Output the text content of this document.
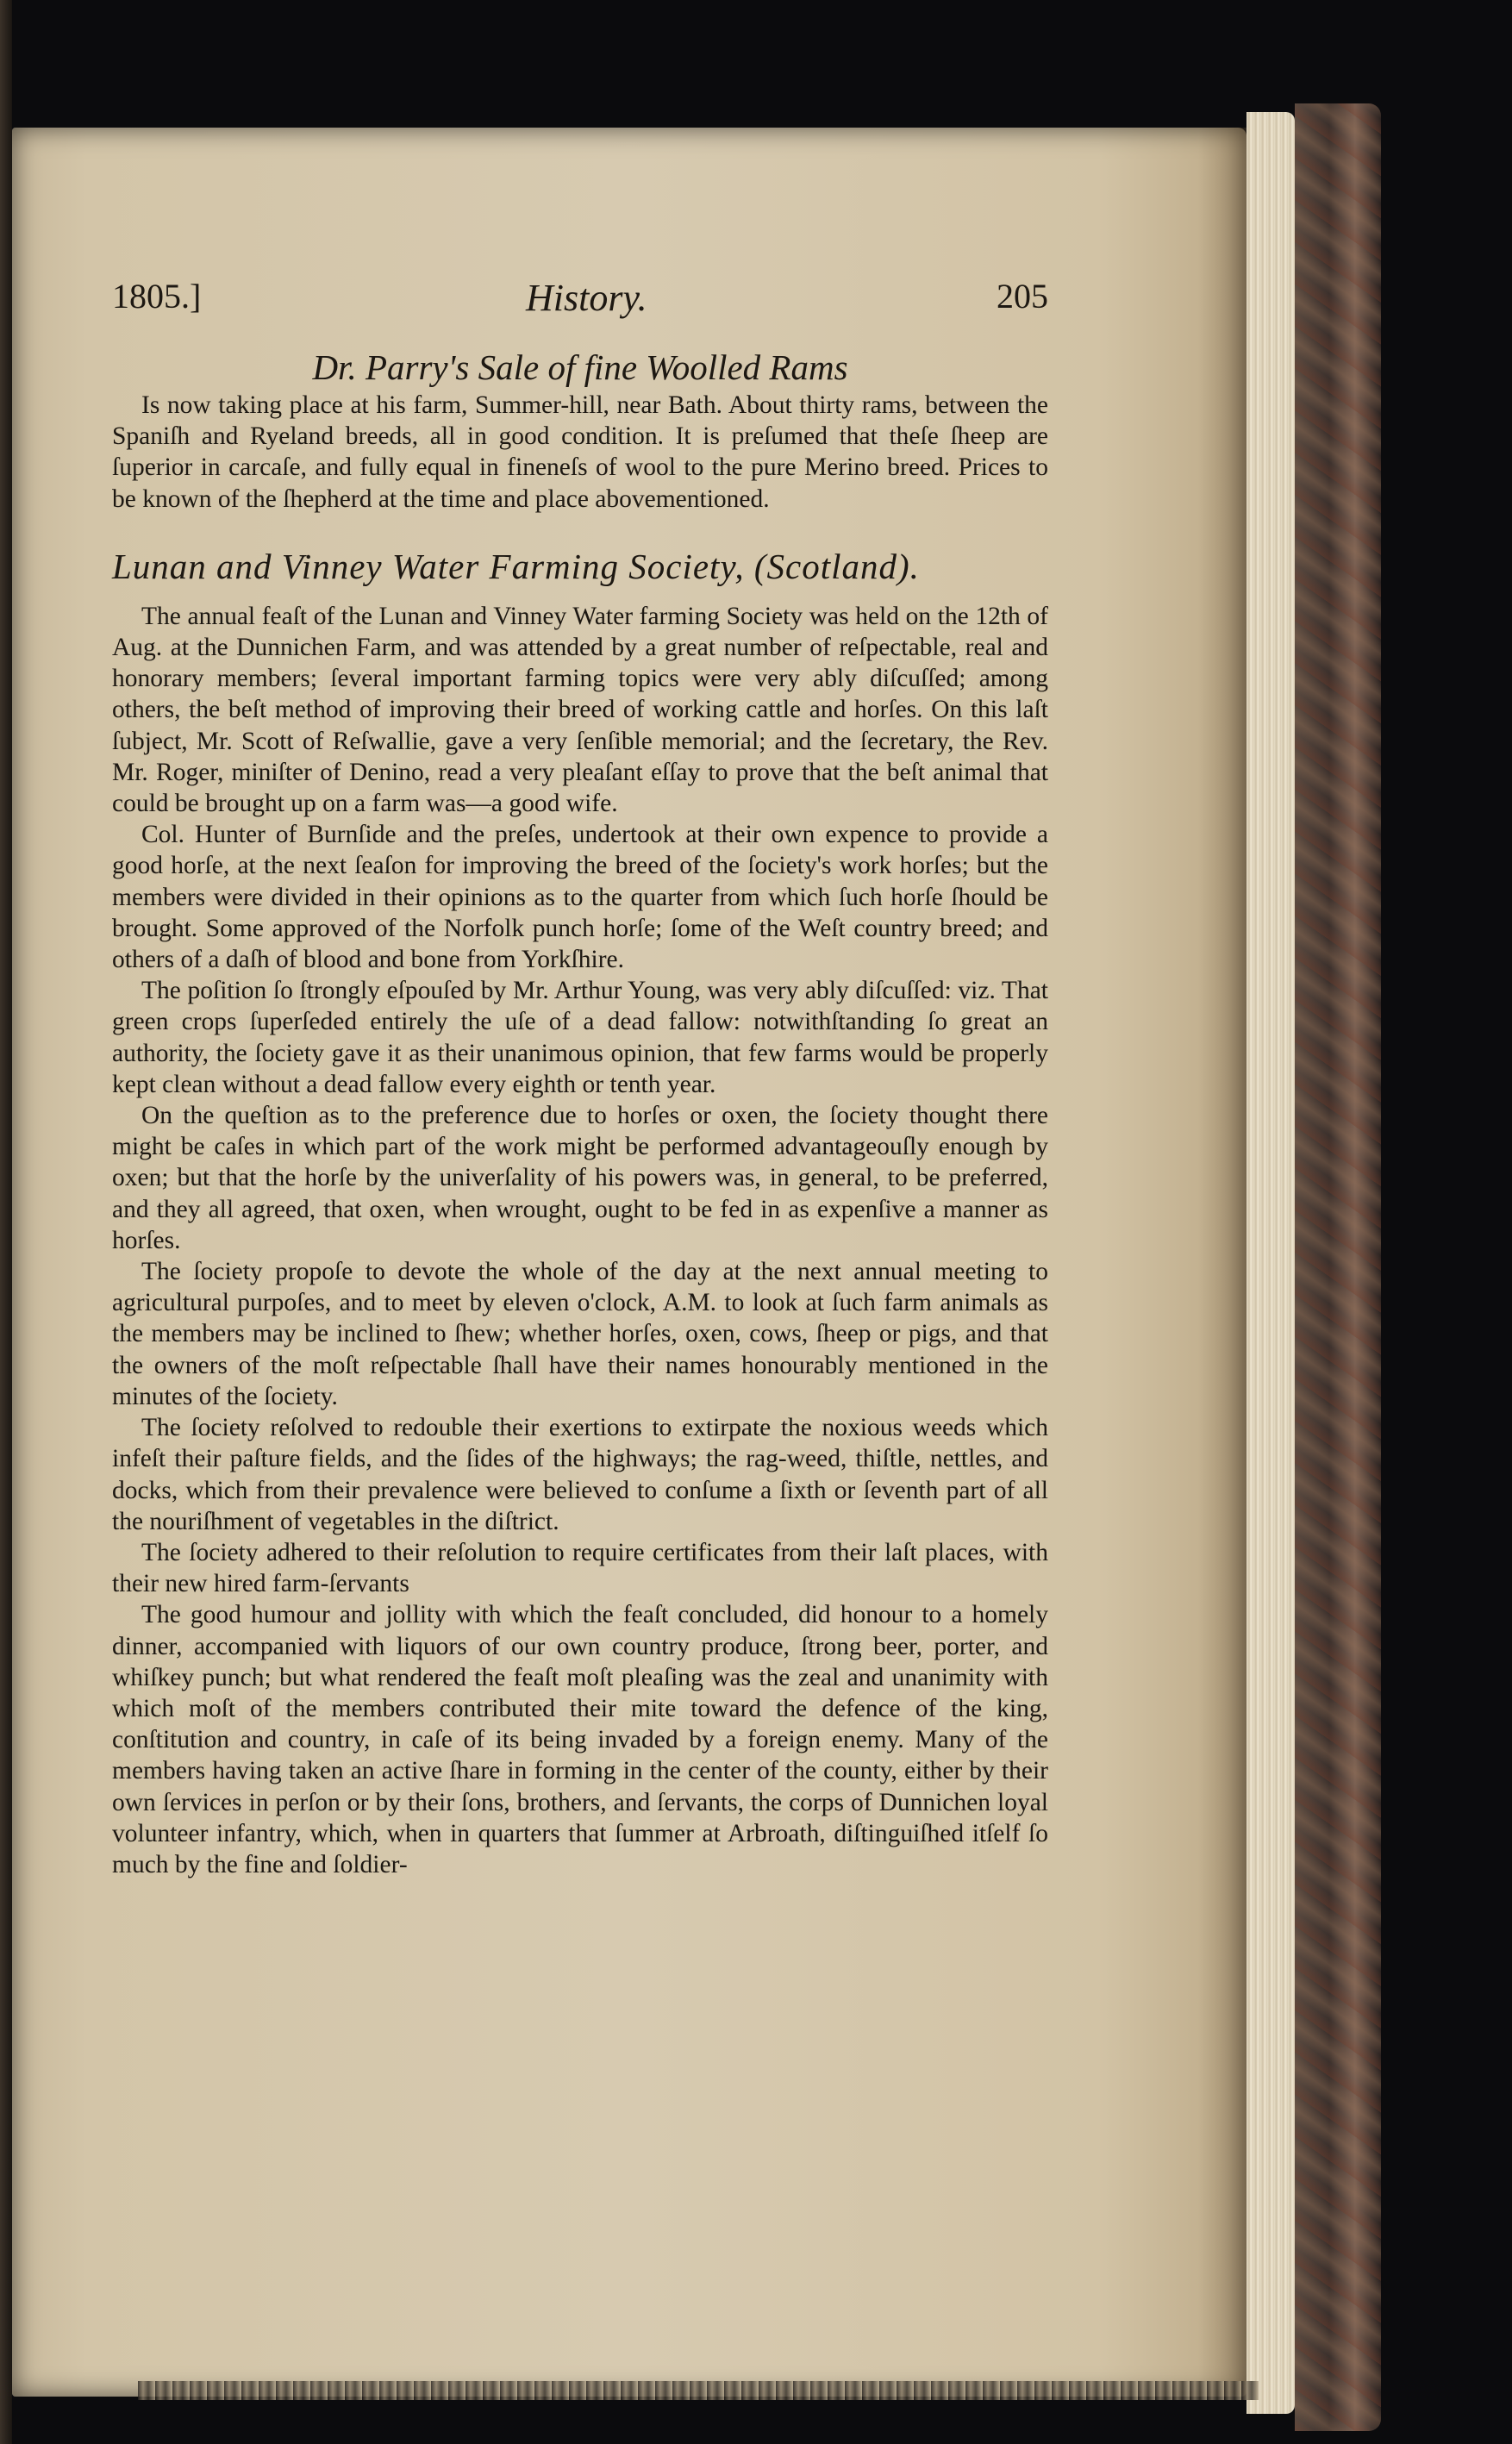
1805.]	History.	205
Dr. Parry's Sale of fine Woolled Rams

Is now taking place at his farm, Summer-hill, near Bath. About thirty rams, between the Spaniſh and Ryeland breeds, all in good condition. It is preſumed that theſe ſheep are ſuperior in carcaſe, and fully equal in fineneſs of wool to the pure Merino breed. Prices to be known of the ſhepherd at the time and place abovementioned.

Lunan and Vinney Water Farming Society, (Scotland).

The annual feaſt of the Lunan and Vinney Water farming Society was held on the 12th of Aug. at the Dunnichen Farm, and was attended by a great number of reſpectable, real and honorary members; ſeveral important farming topics were very ably diſcuſſed; among others, the beſt method of improving their breed of working cattle and horſes. On this laſt ſubject, Mr. Scott of Reſwallie, gave a very ſenſible memorial; and the ſecretary, the Rev. Mr. Roger, miniſter of Denino, read a very pleaſant eſſay to prove that the beſt animal that could be brought up on a farm was—a good wife.

Col. Hunter of Burnſide and the preſes, undertook at their own expence to provide a good horſe, at the next ſeaſon for improving the breed of the ſociety's work horſes; but the members were divided in their opinions as to the quarter from which ſuch horſe ſhould be brought. Some approved of the Norfolk punch horſe; ſome of the Weſt country breed; and others of a daſh of blood and bone from Yorkſhire.

The poſition ſo ſtrongly eſpouſed by Mr. Arthur Young, was very ably diſcuſſed: viz. That green crops ſuperſeded entirely the uſe of a dead fallow: notwithſtanding ſo great an authority, the ſociety gave it as their unanimous opinion, that few farms would be properly kept clean without a dead fallow every eighth or tenth year.

On the queſtion as to the preference due to horſes or oxen, the ſociety thought there might be caſes in which part of the work might be performed advantageouſly enough by oxen; but that the horſe by the univerſality of his powers was, in general, to be preferred, and they all agreed, that oxen, when wrought, ought to be fed in as expenſive a manner as horſes.

The ſociety propoſe to devote the whole of the day at the next annual meeting to agricultural purpoſes, and to meet by eleven o'clock, A.M. to look at ſuch farm animals as the members may be inclined to ſhew; whether horſes, oxen, cows, ſheep or pigs, and that the owners of the moſt reſpectable ſhall have their names honourably mentioned in the minutes of the ſociety.

The ſociety reſolved to redouble their exertions to extirpate the noxious weeds which infeſt their paſture fields, and the ſides of the highways; the rag-weed, thiſtle, nettles, and docks, which from their prevalence were believed to conſume a ſixth or ſeventh part of all the nouriſhment of vegetables in the diſtrict.

The ſociety adhered to their reſolution to require certificates from their laſt places, with their new hired farm-ſervants

The good humour and jollity with which the feaſt concluded, did honour to a homely dinner, accompanied with liquors of our own country produce, ſtrong beer, porter, and whiſkey punch; but what rendered the feaſt moſt pleaſing was the zeal and unanimity with which moſt of the members contributed their mite toward the defence of the king, conſtitution and country, in caſe of its being invaded by a foreign enemy. Many of the members having taken an active ſhare in forming in the center of the county, either by their own ſervices in perſon or by their ſons, brothers, and ſervants, the corps of Dunnichen loyal volunteer infantry, which, when in quarters that ſummer at Arbroath, diſtinguiſhed itſelf ſo much by the fine and ſoldier-
